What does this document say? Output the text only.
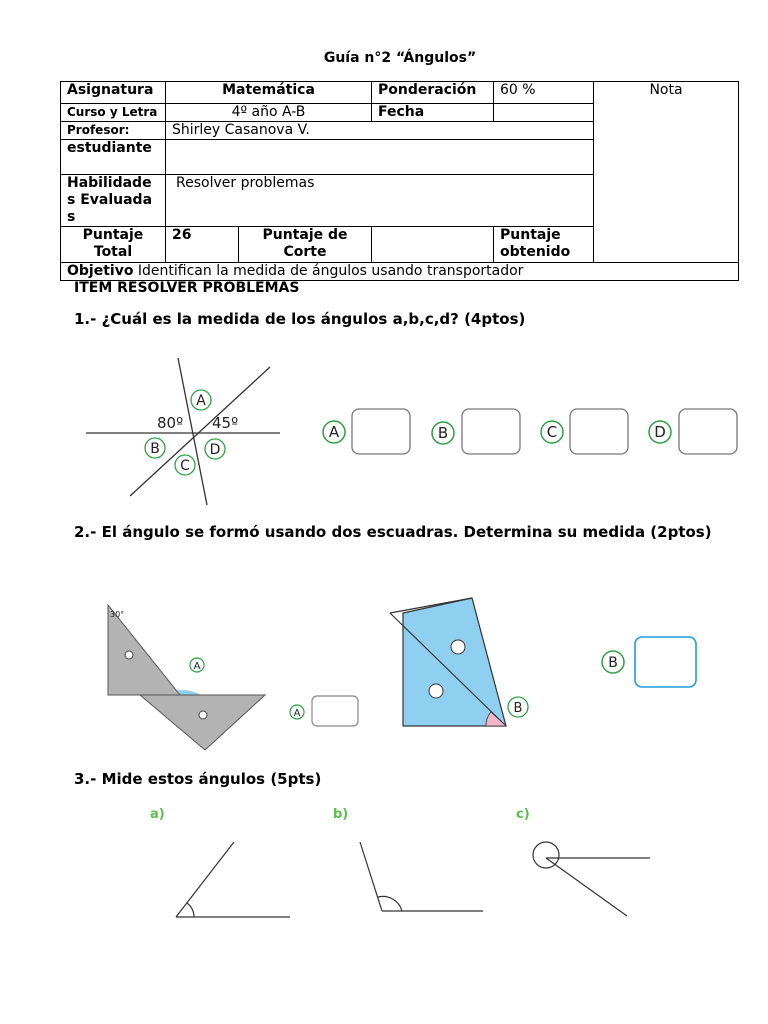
Guía n°2 “Ángulos”
Asignatura	Matemática		Ponderación	60 %	Nota
Curso y Letra	4º año A-B		Fecha		
Profesor:	Shirley Casanova V.				
estudiante					
Habilidades Evaluadas	Resolver problemas				
Puntaje Total	26	Puntaje de Corte		Puntaje obtenido	
Objetivo Identifican la medida de ángulos usando transportador					
ITEM RESOLVER PROBLEMAS
1.- ¿Cuál es la medida de los ángulos a,b,c,d? (4ptos)
2.- El ángulo se formó usando dos escuadras. Determina su medida (2ptos)
3.- Mide estos ángulos (5pts)
80º 45º
A
B
C
D
A	B	C	D
30°
A
A	B
B
a)	b)	c)
